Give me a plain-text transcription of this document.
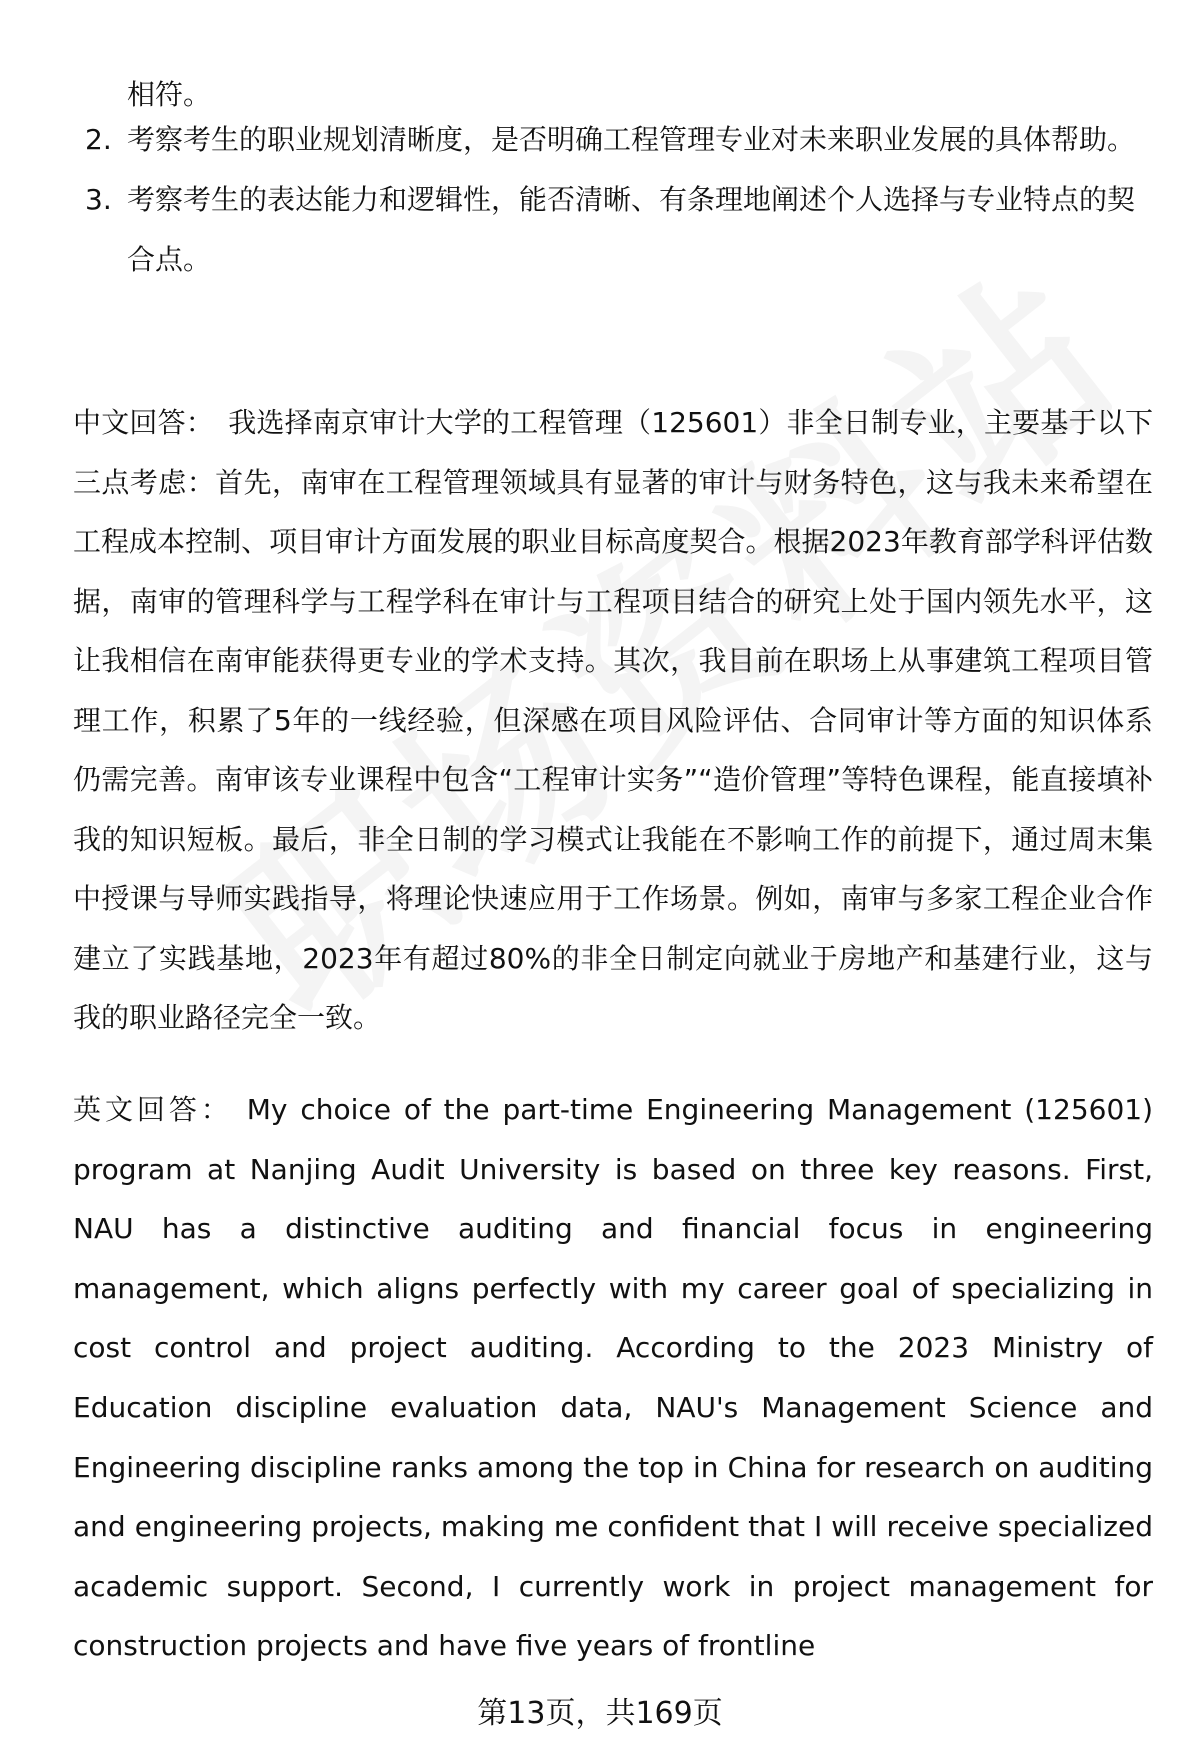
相符。
2. 考察考生的职业规划清晰度，是否明确工程管理专业对未来职业发展的具体帮助。
3. 考察考生的表达能力和逻辑性，能否清晰、有条理地阐述个人选择与专业特点的契合点。

中文回答： 我选择南京审计大学的工程管理（125601）非全日制专业，主要基于以下三点考虑：首先，南审在工程管理领域具有显著的审计与财务特色，这与我未来希望在工程成本控制、项目审计方面发展的职业目标高度契合。根据2023年教育部学科评估数据，南审的管理科学与工程学科在审计与工程项目结合的研究上处于国内领先水平，这让我相信在南审能获得更专业的学术支持。其次，我目前在职场上从事建筑工程项目管理工作，积累了5年的一线经验，但深感在项目风险评估、合同审计等方面的知识体系仍需完善。南审该专业课程中包含“工程审计实务”“造价管理”等特色课程，能直接填补我的知识短板。最后，非全日制的学习模式让我能在不影响工作的前提下，通过周末集中授课与导师实践指导，将理论快速应用于工作场景。例如，南审与多家工程企业合作建立了实践基地，2023年有超过80%的非全日制定向就业于房地产和基建行业，这与我的职业路径完全一致。

英文回答： My choice of the part-time Engineering Management (125601) program at Nanjing Audit University is based on three key reasons. First, NAU has a distinctive auditing and financial focus in engineering management, which aligns perfectly with my career goal of specializing in cost control and project auditing. According to the 2023 Ministry of Education discipline evaluation data, NAU's Management Science and Engineering discipline ranks among the top in China for research on auditing and engineering projects, making me confident that I will receive specialized academic support. Second, I currently work in project management for construction projects and have five years of frontline

第13页，共169页
